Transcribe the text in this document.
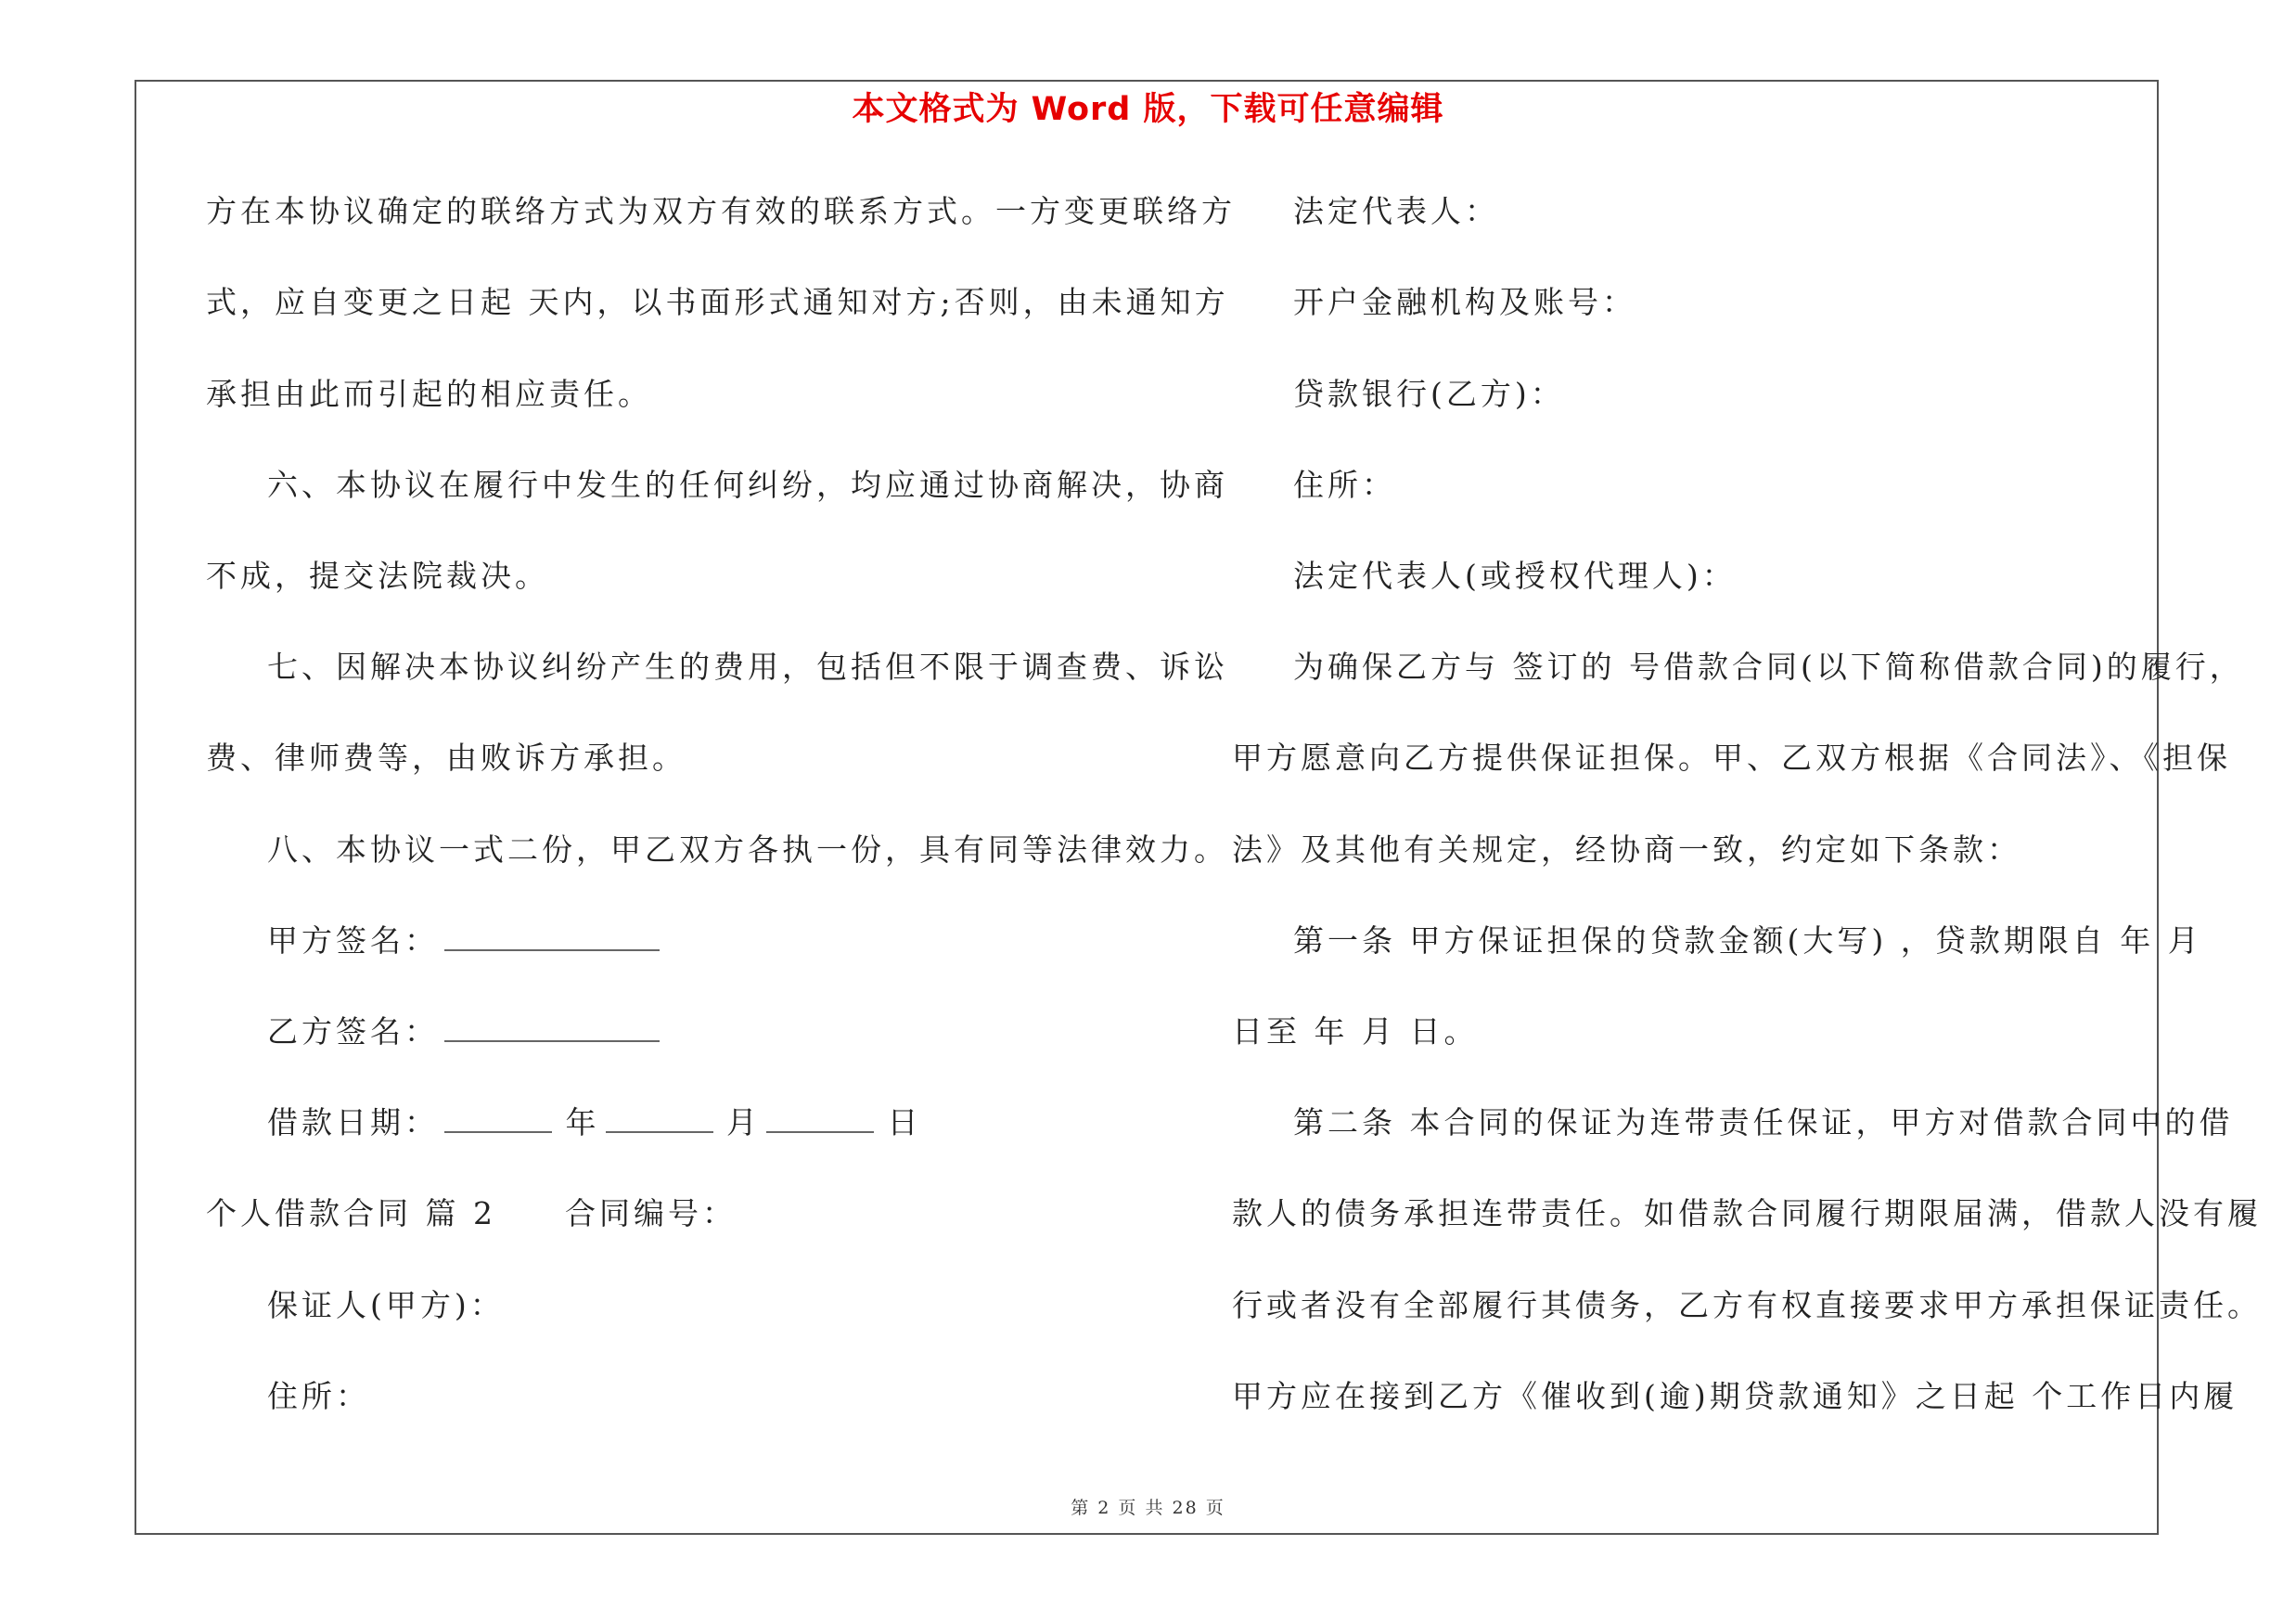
本文格式为 Word 版，下载可任意编辑
方在本协议确定的联络方式为双方有效的联系方式。一方变更联络方
式，应自变更之日起 天内，以书面形式通知对方;否则，由未通知方
承担由此而引起的相应责任。
六、本协议在履行中发生的任何纠纷，均应通过协商解决，协商
不成，提交法院裁决。
七、因解决本协议纠纷产生的费用，包括但不限于调查费、诉讼
费、律师费等，由败诉方承担。
八、本协议一式二份，甲乙双方各执一份，具有同等法律效力。
甲方签名：
乙方签名：
借款日期：	年	月	日
个人借款合同 篇 2　　合同编号：
保证人(甲方)：
住所：
法定代表人：
开户金融机构及账号：
贷款银行(乙方)：
住所：
法定代表人(或授权代理人)：
为确保乙方与 签订的 号借款合同(以下简称借款合同)的履行，
甲方愿意向乙方提供保证担保。甲、乙双方根据《合同法》、《担保
法》及其他有关规定，经协商一致，约定如下条款：
第一条 甲方保证担保的贷款金额(大写) ，贷款期限自 年 月
日至 年 月 日。
第二条 本合同的保证为连带责任保证，甲方对借款合同中的借
款人的债务承担连带责任。如借款合同履行期限届满，借款人没有履
行或者没有全部履行其债务，乙方有权直接要求甲方承担保证责任。
甲方应在接到乙方《催收到(逾)期贷款通知》之日起 个工作日内履
第 2 页 共 28 页
